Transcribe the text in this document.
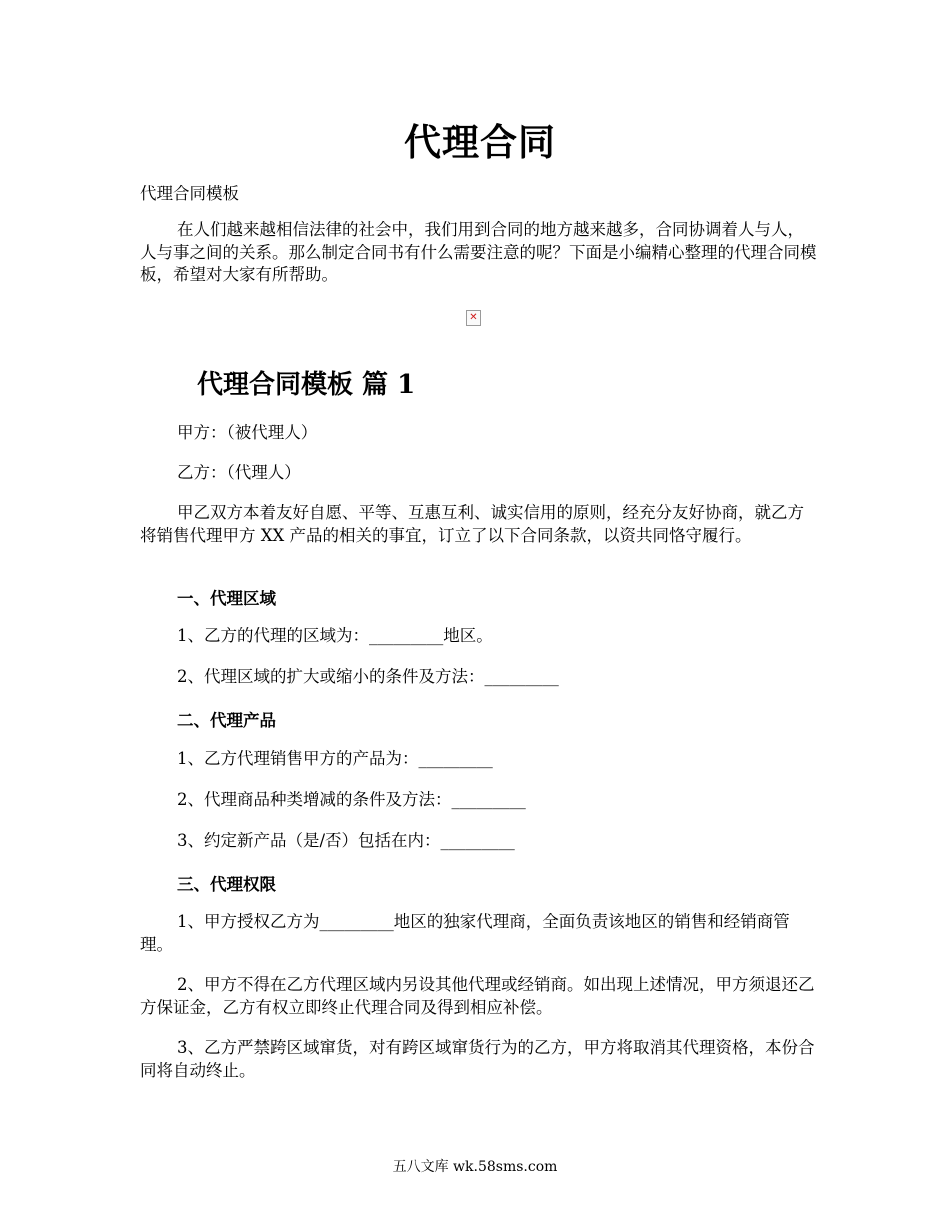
代理合同

代理合同模板

在人们越来越相信法律的社会中，我们用到合同的地方越来越多，合同协调着人与人，人与事之间的关系。那么制定合同书有什么需要注意的呢？下面是小编精心整理的代理合同模板，希望对大家有所帮助。

✕
代理合同模板 篇 1

甲方：（被代理人）

乙方：（代理人）

甲乙双方本着友好自愿、平等、互惠互利、诚实信用的原则，经充分友好协商，就乙方将销售代理甲方 XX 产品的相关的事宜，订立了以下合同条款，以资共同恪守履行。

一、代理区域

1、乙方的代理的区域为：_________地区。

2、代理区域的扩大或缩小的条件及方法：_________

二、代理产品

1、乙方代理销售甲方的产品为：_________

2、代理商品种类增减的条件及方法：_________

3、约定新产品（是/否）包括在内：_________

三、代理权限

1、甲方授权乙方为_________地区的独家代理商，全面负责该地区的销售和经销商管理。

2、甲方不得在乙方代理区域内另设其他代理或经销商。如出现上述情况，甲方须退还乙方保证金，乙方有权立即终止代理合同及得到相应补偿。

3、乙方严禁跨区域窜货，对有跨区域窜货行为的乙方，甲方将取消其代理资格，本份合同将自动终止。

五八文库 wk.58sms.com
